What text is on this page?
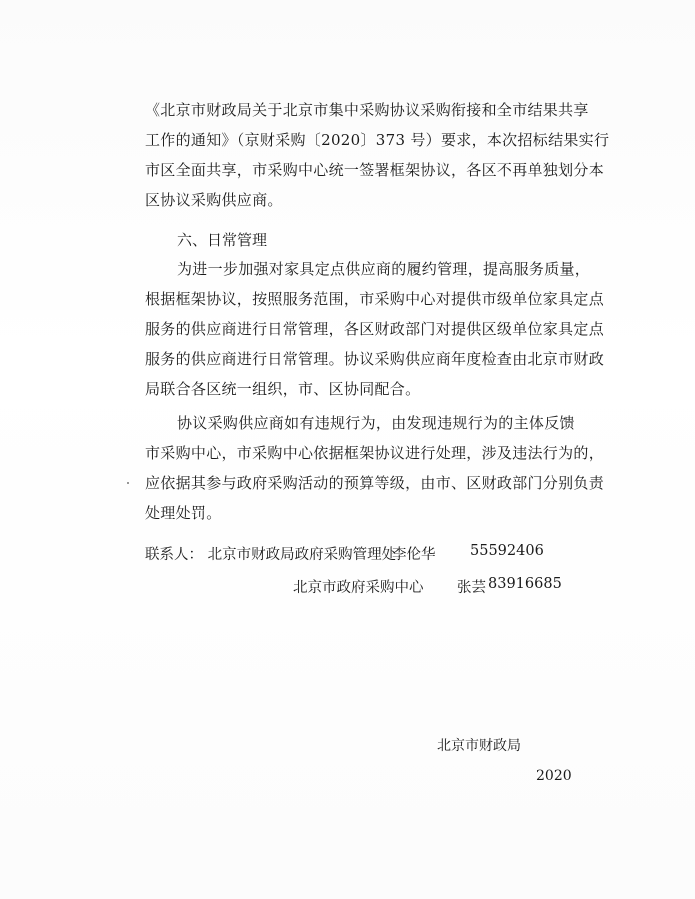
《北京市财政局关于北京市集中采购协议采购衔接和全市结果共享
工作的通知》（京财采购〔2020〕373 号）要求，本次招标结果实行
市区全面共享，市采购中心统一签署框架协议，各区不再单独划分本
区协议采购供应商。

六、日常管理

为进一步加强对家具定点供应商的履约管理，提高服务质量，
根据框架协议，按照服务范围，市采购中心对提供市级单位家具定点
服务的供应商进行日常管理，各区财政部门对提供区级单位家具定点
服务的供应商进行日常管理。协议采购供应商年度检查由北京市财政
局联合各区统一组织，市、区协同配合。

协议采购供应商如有违规行为，由发现违规行为的主体反馈
市采购中心，市采购中心依据框架协议进行处理，涉及违法行为的，
应依据其参与政府采购活动的预算等级，由市、区财政部门分别负责
处理处罚。

联系人： 北京市财政局政府采购管理处
李伦华 55592406
北京市政府采购中心 张芸 83916685
北京市财政局
2020
